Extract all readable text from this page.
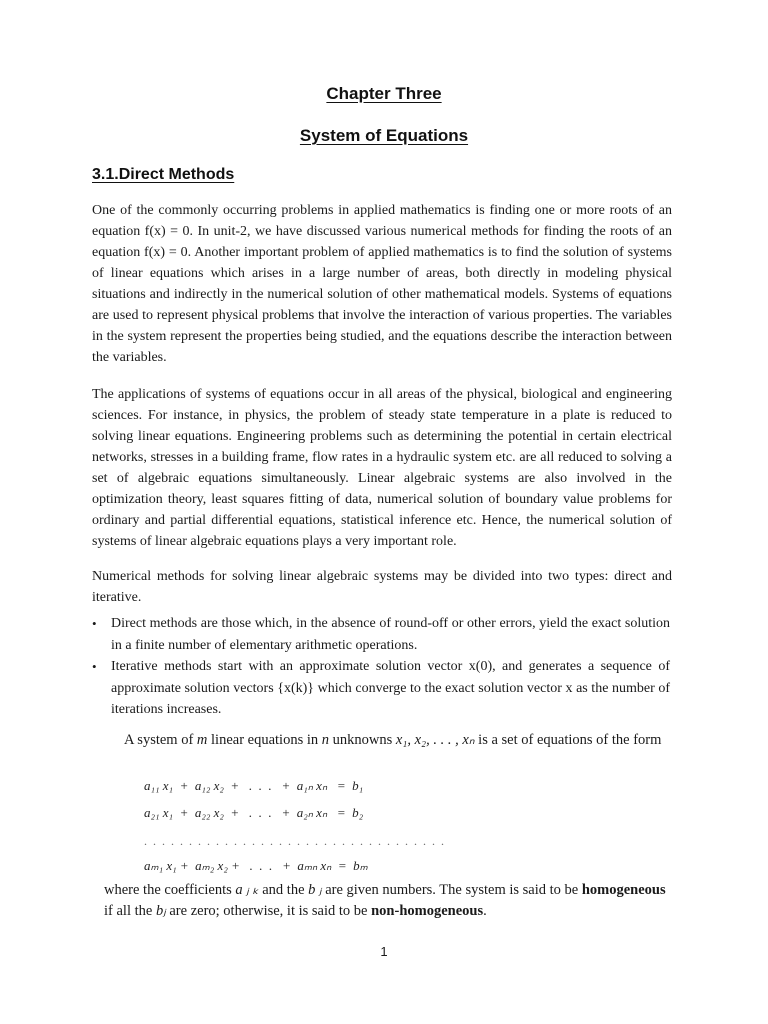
Chapter Three
System of Equations
3.1.Direct Methods

One of the commonly occurring problems in applied mathematics is finding one or more roots of an equation f(x) = 0. In unit-2, we have discussed various numerical methods for finding the roots of an equation f(x) = 0. Another important problem of applied mathematics is to find the solution of systems of linear equations which arises in a large number of areas, both directly in modeling physical situations and indirectly in the numerical solution of other mathematical models. Systems of equations are used to represent physical problems that involve the interaction of various properties. The variables in the system represent the properties being studied, and the equations describe the interaction between the variables.

The applications of systems of equations occur in all areas of the physical, biological and engineering sciences. For instance, in physics, the problem of steady state temperature in a plate is reduced to solving linear equations. Engineering problems such as determining the potential in certain electrical networks, stresses in a building frame, flow rates in a hydraulic system etc. are all reduced to solving a set of algebraic equations simultaneously. Linear algebraic systems are also involved in the optimization theory, least squares fitting of data, numerical solution of boundary value problems for ordinary and partial differential equations, statistical inference etc. Hence, the numerical solution of systems of linear algebraic equations plays a very important role.

Numerical methods for solving linear algebraic systems may be divided into two types: direct and iterative.

• Direct methods are those which, in the absence of round-off or other errors, yield the exact solution in a finite number of elementary arithmetic operations.
• Iterative methods start with an approximate solution vector x(0), and generates a sequence of approximate solution vectors {x(k)} which converge to the exact solution vector x as the number of iterations increases.

A system of m linear equations in n unknowns x₁, x₂, . . . , xₙ is a set of equations of the form

a₁₁ x₁  +  a₁₂ x₂  +   .  .  .   +  a₁ₙ xₙ   =  b₁
a₂₁ x₁  +  a₂₂ x₂  +   .  .  .   +  a₂ₙ xₙ   =  b₂
. . . . . . . . . . . . . . . . . . . . . . . . . . . . . . . . . .
aₘ₁ x₁ +  aₘ₂ x₂ +   .  .  .   +  aₘₙ xₙ  =  bₘ

where the coefficients a ⱼ ₖ and the b ⱼ are given numbers. The system is said to be homogeneous if all the bⱼ are zero; otherwise, it is said to be non-homogeneous.

1
